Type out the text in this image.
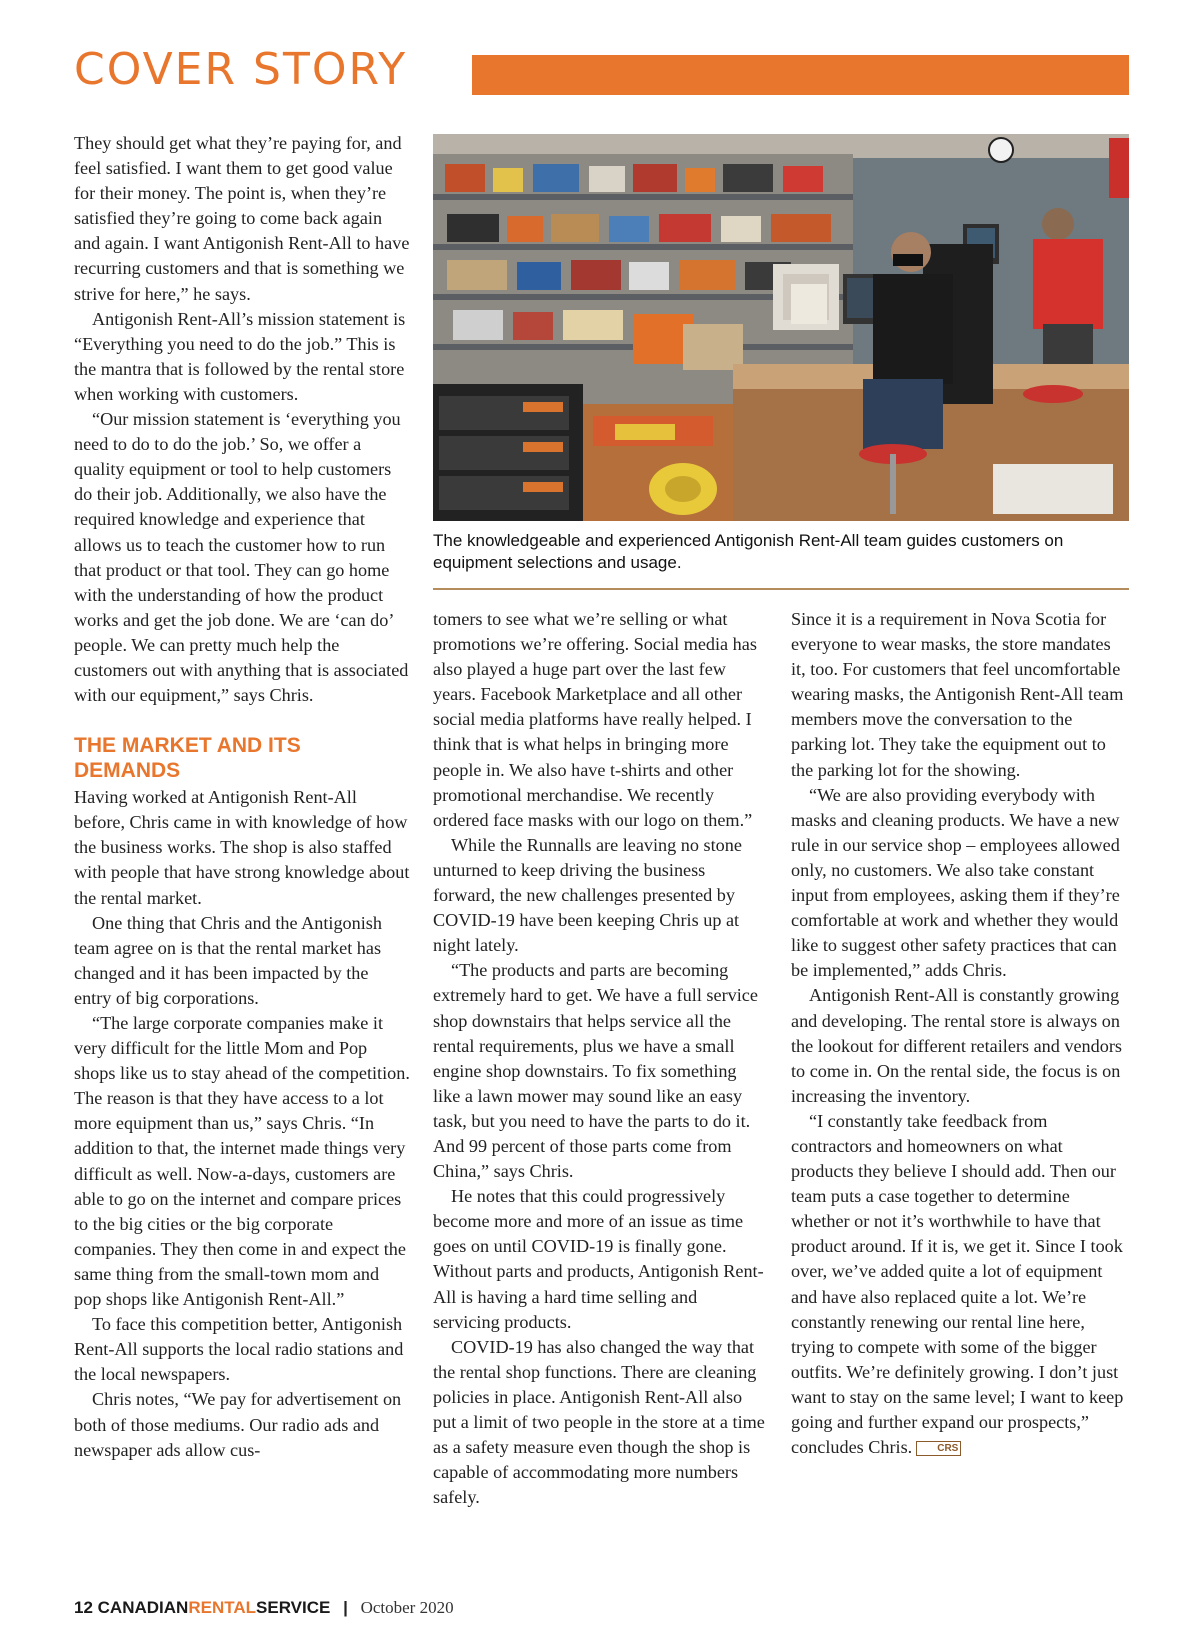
COVER STORY

They should get what they’re paying for, and feel satisfied. I want them to get good value for their money. The point is, when they’re satisfied they’re going to come back again and again. I want Antigonish Rent-All to have recurring customers and that is something we strive for here,” he says.

Antigonish Rent-All’s mission statement is “Everything you need to do the job.” This is the mantra that is followed by the rental store when working with customers.

“Our mission statement is ‘everything you need to do to do the job.’ So, we offer a quality equipment or tool to help customers do their job. Additionally, we also have the required knowledge and experience that allows us to teach the customer how to run that product or that tool. They can go home with the understanding of how the product works and get the job done. We are ‘can do’ people. We can pretty much help the customers out with anything that is associated with our equipment,” says Chris.

THE MARKET AND ITS DEMANDS

Having worked at Antigonish Rent-All before, Chris came in with knowledge of how the business works. The shop is also staffed with people that have strong knowledge about the rental market.

One thing that Chris and the Antigonish team agree on is that the rental market has changed and it has been impacted by the entry of big corporations.

“The large corporate companies make it very difficult for the little Mom and Pop shops like us to stay ahead of the competition. The reason is that they have access to a lot more equipment than us,” says Chris. “In addition to that, the internet made things very difficult as well. Now-a-days, customers are able to go on the internet and compare prices to the big cities or the big corporate companies. They then come in and expect the same thing from the small-town mom and pop shops like Antigonish Rent-All.”

To face this competition better, Antigonish Rent-All supports the local radio stations and the local newspapers.

Chris notes, “We pay for advertisement on both of those mediums. Our radio ads and newspaper ads allow cus-

The knowledgeable and experienced Antigonish Rent-All team guides customers on equipment selections and usage.

tomers to see what we’re selling or what promotions we’re offering. Social media has also played a huge part over the last few years. Facebook Marketplace and all other social media platforms have really helped. I think that is what helps in bringing more people in. We also have t-shirts and other promotional merchandise. We recently ordered face masks with our logo on them.”

While the Runnalls are leaving no stone unturned to keep driving the business forward, the new challenges presented by COVID-19 have been keeping Chris up at night lately.

“The products and parts are becoming extremely hard to get. We have a full service shop downstairs that helps service all the rental requirements, plus we have a small engine shop downstairs. To fix something like a lawn mower may sound like an easy task, but you need to have the parts to do it. And 99 percent of those parts come from China,” says Chris.

He notes that this could progressively become more and more of an issue as time goes on until COVID-19 is finally gone. Without parts and products, Antigonish Rent-All is having a hard time selling and servicing products.

COVID-19 has also changed the way that the rental shop functions. There are cleaning policies in place. Antigonish Rent-All also put a limit of two people in the store at a time as a safety measure even though the shop is capable of accommodating more numbers safely.

Since it is a requirement in Nova Scotia for everyone to wear masks, the store mandates it, too. For customers that feel uncomfortable wearing masks, the Antigonish Rent-All team members move the conversation to the parking lot. They take the equipment out to the parking lot for the showing.

“We are also providing everybody with masks and cleaning products. We have a new rule in our service shop – employees allowed only, no customers. We also take constant input from employees, asking them if they’re comfortable at work and whether they would like to suggest other safety practices that can be implemented,” adds Chris.

Antigonish Rent-All is constantly growing and developing. The rental store is always on the lookout for different retailers and vendors to come in. On the rental side, the focus is on increasing the inventory.

“I constantly take feedback from contractors and homeowners on what products they believe I should add. Then our team puts a case together to determine whether or not it’s worthwhile to have that product around. If it is, we get it. Since I took over, we’ve added quite a lot of equipment and have also replaced quite a lot. We’re constantly renewing our rental line here, trying to compete with some of the bigger outfits. We’re definitely growing. I don’t just want to stay on the same level; I want to keep going and further expand our prospects,” concludes Chris.	CRS

12 CANADIANRENTALSERVICE | October 2020
